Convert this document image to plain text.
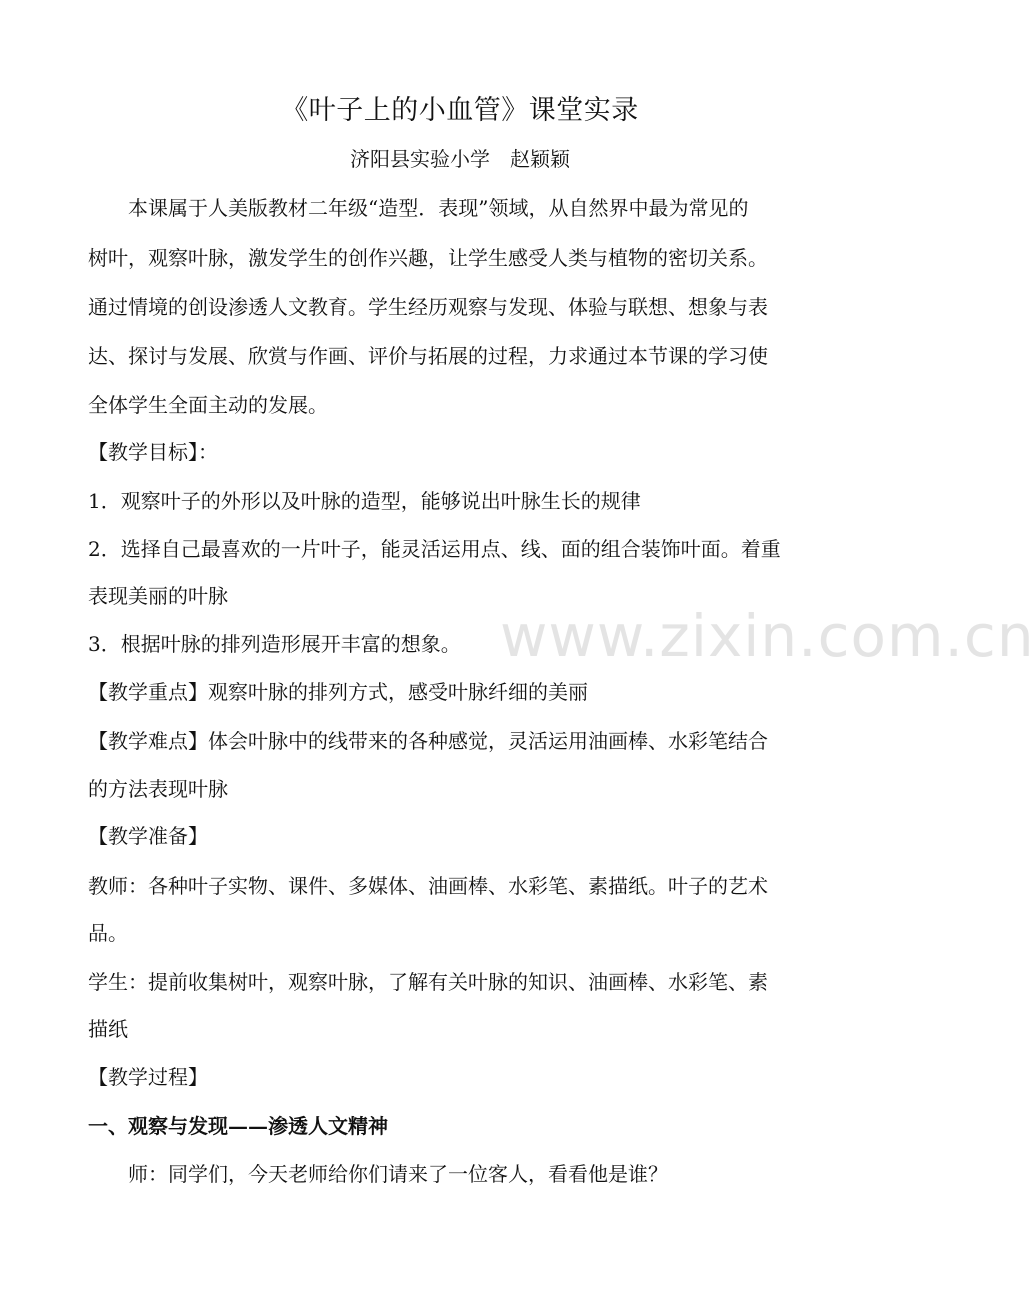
www.zixin.com.cn
《叶子上的小血管》课堂实录
济阳县实验小学　赵颖颖
　　本课属于人美版教材二年级“造型．表现”领域，从自然界中最为常见的
树叶，观察叶脉，激发学生的创作兴趣，让学生感受人类与植物的密切关系。
通过情境的创设渗透人文教育。学生经历观察与发现、体验与联想、想象与表
达、探讨与发展、欣赏与作画、评价与拓展的过程，力求通过本节课的学习使
全体学生全面主动的发展。
【教学目标】：
1．观察叶子的外形以及叶脉的造型，能够说出叶脉生长的规律
2．选择自己最喜欢的一片叶子，能灵活运用点、线、面的组合装饰叶面。着重
表现美丽的叶脉
3．根据叶脉的排列造形展开丰富的想象。
【教学重点】观察叶脉的排列方式，感受叶脉纤细的美丽
【教学难点】体会叶脉中的线带来的各种感觉，灵活运用油画棒、水彩笔结合
的方法表现叶脉
【教学准备】
教师：各种叶子实物、课件、多媒体、油画棒、水彩笔、素描纸。叶子的艺术
品。
学生：提前收集树叶，观察叶脉，了解有关叶脉的知识、油画棒、水彩笔、素
描纸
【教学过程】
一、观察与发现——渗透人文精神
　　师：同学们，今天老师给你们请来了一位客人，看看他是谁？
